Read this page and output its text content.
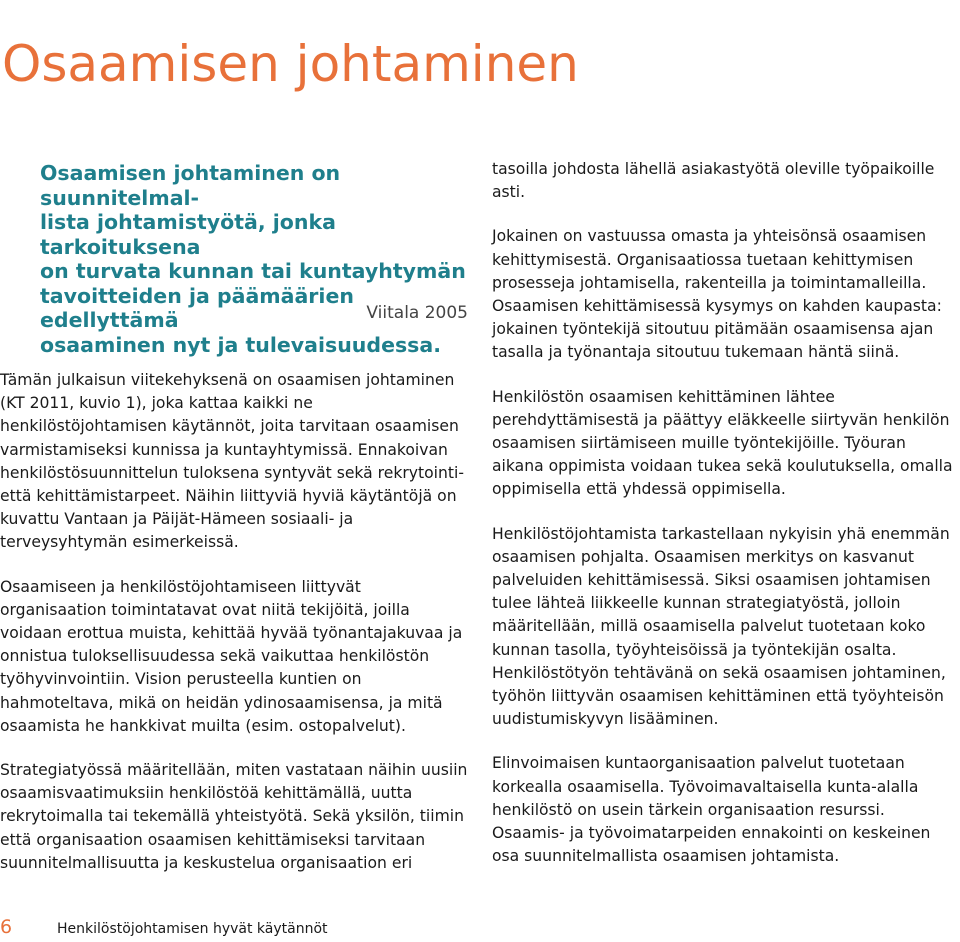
Osaamisen johtaminen

Osaamisen johtaminen on suunnitelmal-

lista johtamistyötä, jonka tarkoituksena

on turvata kunnan tai kuntayhtymän

tavoitteiden ja päämäärien edellyttämä

osaaminen nyt ja tulevaisuudessa.

Viitala 2005

Tämän julkaisun viitekehyksenä on osaamisen johtaminen (KT 2011, kuvio 1), joka kattaa kaikki ne henkilöstöjohtamisen käytännöt, joita tarvitaan osaamisen varmistamiseksi kunnissa ja kuntayhtymissä. Ennakoivan henkilöstösuunnittelun tuloksena syntyvät sekä rekrytointi- että kehittämistarpeet. Näihin liittyviä hyviä käytäntöjä on kuvattu Vantaan ja Päijät-Hämeen sosiaali- ja terveysyhtymän esimerkeissä.

Osaamiseen ja henkilöstöjohtamiseen liittyvät organisaation toimintatavat ovat niitä tekijöitä, joilla voidaan erottua muista, kehittää hyvää työnantajakuvaa ja onnistua tuloksellisuudessa sekä vaikuttaa henkilöstön työhyvinvointiin. Vision perusteella kuntien on hahmoteltava, mikä on heidän ydinosaamisensa, ja mitä osaamista he hankkivat muilta (esim. ostopalvelut).

Strategiatyössä määritellään, miten vastataan näihin uusiin osaamisvaatimuksiin henkilöstöä kehittämällä, uutta rekrytoimalla tai tekemällä yhteistyötä. Sekä yksilön, tiimin että organisaation osaamisen kehittämiseksi tarvitaan suunnitelmallisuutta ja keskustelua organisaation eri

tasoilla johdosta lähellä asiakastyötä oleville työpaikoille asti.

Jokainen on vastuussa omasta ja yhteisönsä osaamisen kehittymisestä. Organisaatiossa tuetaan kehittymisen prosesseja johtamisella, rakenteilla ja toimintamalleilla. Osaamisen kehittämisessä kysymys on kahden kaupasta: jokainen työntekijä sitoutuu pitämään osaamisensa ajan tasalla ja työnantaja sitoutuu tukemaan häntä siinä.

Henkilöstön osaamisen kehittäminen lähtee perehdyttämisestä ja päättyy eläkkeelle siirtyvän henkilön osaamisen siirtämiseen muille työntekijöille. Työuran aikana oppimista voidaan tukea sekä koulutuksella, omalla oppimisella että yhdessä oppimisella.

Henkilöstöjohtamista tarkastellaan nykyisin yhä enemmän osaamisen pohjalta. Osaamisen merkitys on kasvanut palveluiden kehittämisessä. Siksi osaamisen johtamisen tulee lähteä liikkeelle kunnan strategiatyöstä, jolloin määritellään, millä osaamisella palvelut tuotetaan koko kunnan tasolla, työyhteisöissä ja työntekijän osalta. Henkilöstötyön tehtävänä on sekä osaamisen johtaminen, työhön liittyvän osaamisen kehittäminen että työyhteisön uudistumiskyvyn lisääminen.

Elinvoimaisen kuntaorganisaation palvelut tuotetaan korkealla osaamisella. Työvoimavaltaisella kunta-alalla henkilöstö on usein tärkein organisaation resurssi. Osaamis- ja työvoimatarpeiden ennakointi on keskeinen osa suunnitelmallista osaamisen johtamista.

6	Henkilöstöjohtamisen hyvät käytännöt
